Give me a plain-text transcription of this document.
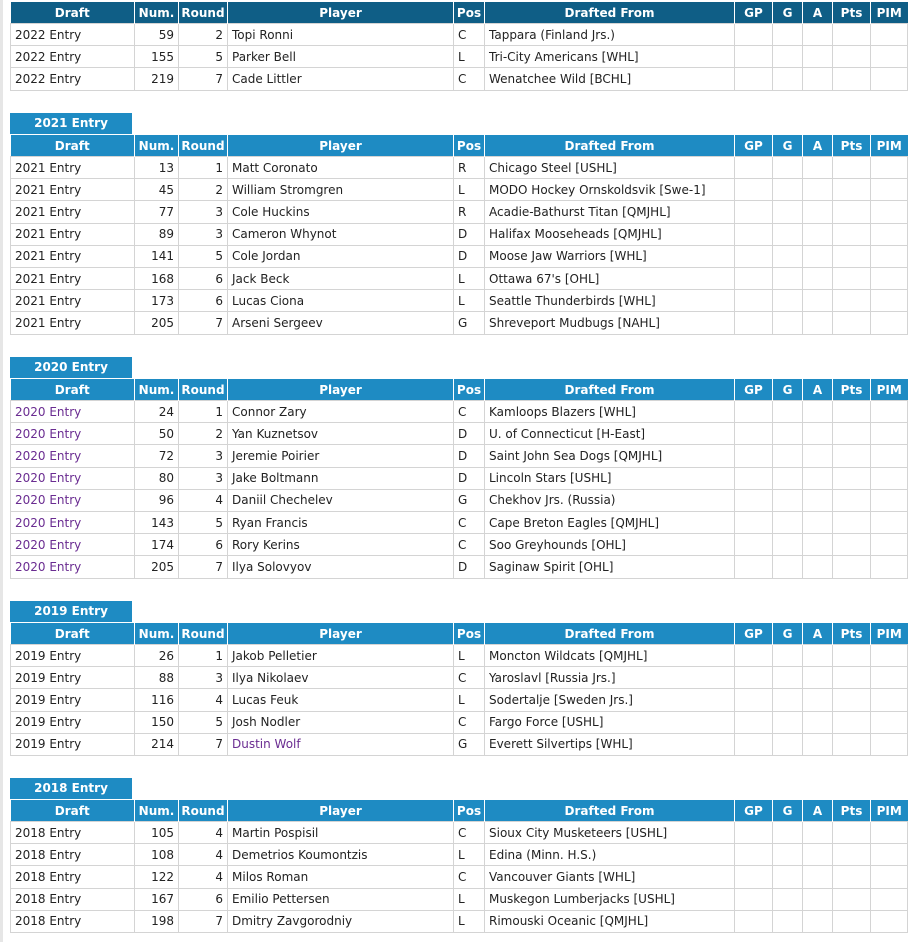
Draft	Num.	Round	Player	Pos	Drafted From	GP	G	A	Pts	PIM
2022 Entry	59	2	Topi Ronni	C	Tappara (Finland Jrs.)					
2022 Entry	155	5	Parker Bell	L	Tri-City Americans [WHL]					
2022 Entry	219	7	Cade Littler	C	Wenatchee Wild [BCHL]					
2021 Entry
Draft	Num.	Round	Player	Pos	Drafted From	GP	G	A	Pts	PIM
2021 Entry	13	1	Matt Coronato	R	Chicago Steel [USHL]					
2021 Entry	45	2	William Stromgren	L	MODO Hockey Ornskoldsvik [Swe-1]					
2021 Entry	77	3	Cole Huckins	R	Acadie-Bathurst Titan [QMJHL]					
2021 Entry	89	3	Cameron Whynot	D	Halifax Mooseheads [QMJHL]					
2021 Entry	141	5	Cole Jordan	D	Moose Jaw Warriors [WHL]					
2021 Entry	168	6	Jack Beck	L	Ottawa 67's [OHL]					
2021 Entry	173	6	Lucas Ciona	L	Seattle Thunderbirds [WHL]					
2021 Entry	205	7	Arseni Sergeev	G	Shreveport Mudbugs [NAHL]					
2020 Entry
Draft	Num.	Round	Player	Pos	Drafted From	GP	G	A	Pts	PIM
2020 Entry	24	1	Connor Zary	C	Kamloops Blazers [WHL]					
2020 Entry	50	2	Yan Kuznetsov	D	U. of Connecticut [H-East]					
2020 Entry	72	3	Jeremie Poirier	D	Saint John Sea Dogs [QMJHL]					
2020 Entry	80	3	Jake Boltmann	D	Lincoln Stars [USHL]					
2020 Entry	96	4	Daniil Chechelev	G	Chekhov Jrs. (Russia)					
2020 Entry	143	5	Ryan Francis	C	Cape Breton Eagles [QMJHL]					
2020 Entry	174	6	Rory Kerins	C	Soo Greyhounds [OHL]					
2020 Entry	205	7	Ilya Solovyov	D	Saginaw Spirit [OHL]					
2019 Entry
Draft	Num.	Round	Player	Pos	Drafted From	GP	G	A	Pts	PIM
2019 Entry	26	1	Jakob Pelletier	L	Moncton Wildcats [QMJHL]					
2019 Entry	88	3	Ilya Nikolaev	C	Yaroslavl [Russia Jrs.]					
2019 Entry	116	4	Lucas Feuk	L	Sodertalje [Sweden Jrs.]					
2019 Entry	150	5	Josh Nodler	C	Fargo Force [USHL]					
2019 Entry	214	7	Dustin Wolf	G	Everett Silvertips [WHL]					
2018 Entry
Draft	Num.	Round	Player	Pos	Drafted From	GP	G	A	Pts	PIM
2018 Entry	105	4	Martin Pospisil	C	Sioux City Musketeers [USHL]					
2018 Entry	108	4	Demetrios Koumontzis	L	Edina (Minn. H.S.)					
2018 Entry	122	4	Milos Roman	C	Vancouver Giants [WHL]					
2018 Entry	167	6	Emilio Pettersen	L	Muskegon Lumberjacks [USHL]					
2018 Entry	198	7	Dmitry Zavgorodniy	L	Rimouski Oceanic [QMJHL]					
